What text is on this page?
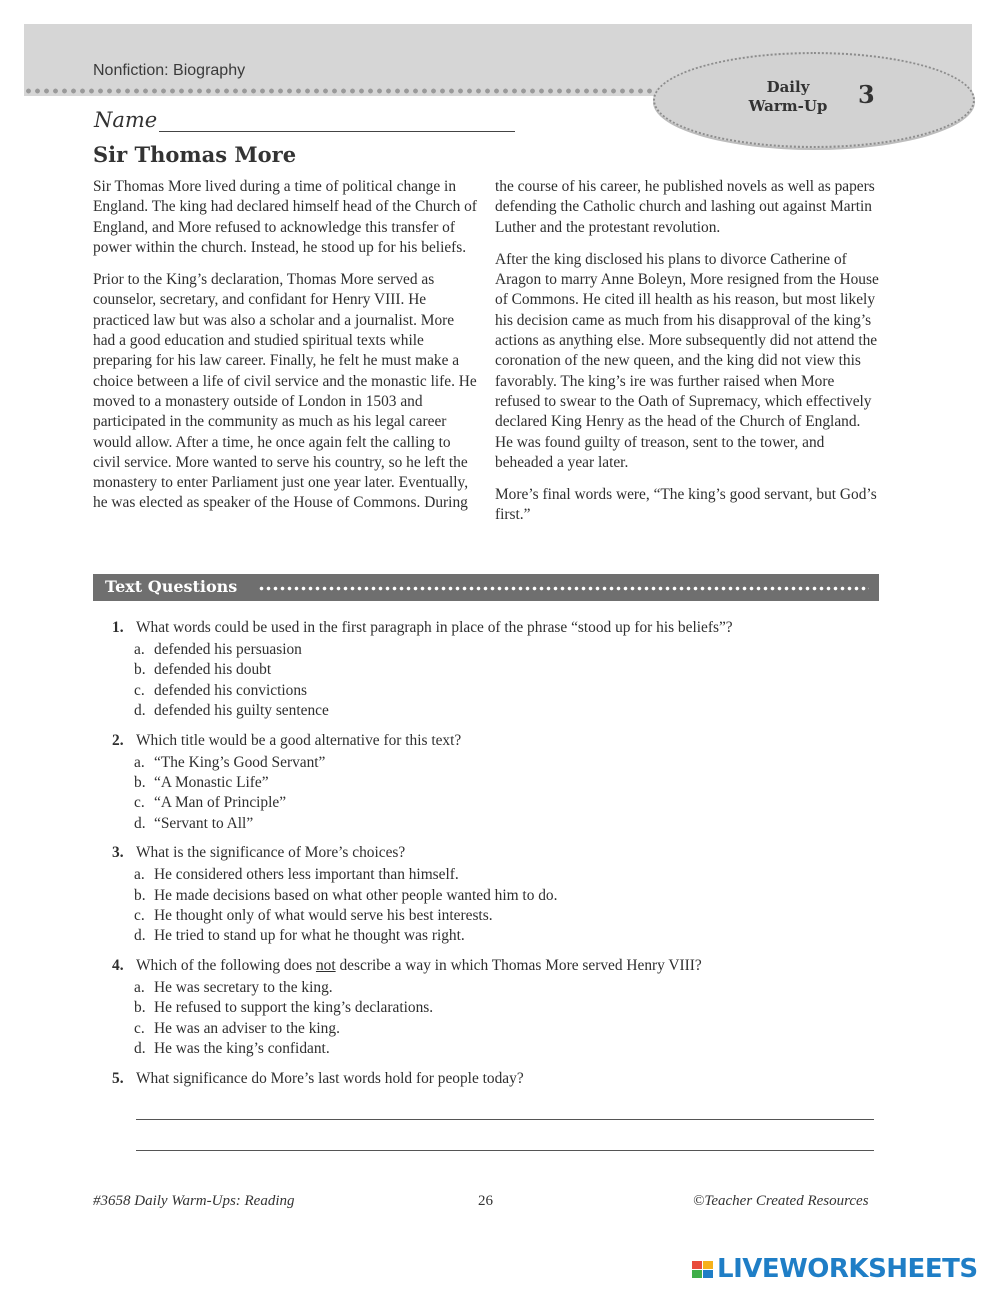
Nonfiction: Biography
Daily
Warm-Up	3
Name
Sir Thomas More

Sir Thomas More lived during a time of political change in England. The king had declared himself head of the Church of England, and More refused to acknowledge this transfer of power within the church. Instead, he stood up for his beliefs.

Prior to the King’s declaration, Thomas More served as counselor, secretary, and confidant for Henry VIII. He practiced law but was also a scholar and a journalist. More had a good education and studied spiritual texts while preparing for his law career. Finally, he felt he must make a choice between a life of civil service and the monastic life. He moved to a monastery outside of London in 1503 and participated in the community as much as his legal career would allow. After a time, he once again felt the calling to civil service. More wanted to serve his country, so he left the monastery to enter Parliament just one year later. Eventually, he was elected as speaker of the House of Commons. During

the course of his career, he published novels as well as papers defending the Catholic church and lashing out against Martin Luther and the protestant revolution.

After the king disclosed his plans to divorce Catherine of Aragon to marry Anne Boleyn, More resigned from the House of Commons. He cited ill health as his reason, but most likely his decision came as much from his disapproval of the king’s actions as anything else. More subsequently did not attend the coronation of the new queen, and the king did not view this favorably. The king’s ire was further raised when More refused to swear to the Oath of Supremacy, which effectively declared King Henry as the head of the Church of England. He was found guilty of treason, sent to the tower, and beheaded a year later.

More’s final words were, “The king’s good servant, but God’s first.”

Text Questions
1. What words could be used in the first paragraph in place of the phrase “stood up for his beliefs”?
a. defended his persuasion
b. defended his doubt
c. defended his convictions
d. defended his guilty sentence
2. Which title would be a good alternative for this text?
a. “The King’s Good Servant”
b. “A Monastic Life”
c. “A Man of Principle”
d. “Servant to All”
3. What is the significance of More’s choices?
a. He considered others less important than himself.
b. He made decisions based on what other people wanted him to do.
c. He thought only of what would serve his best interests.
d. He tried to stand up for what he thought was right.
4. Which of the following does not describe a way in which Thomas More served Henry VIII?
a. He was secretary to the king.
b. He refused to support the king’s declarations.
c. He was an adviser to the king.
d. He was the king’s confidant.
5. What significance do More’s last words hold for people today?
#3658 Daily Warm-Ups: Reading	26	©Teacher Created Resources
LIVEWORKSHEETS
